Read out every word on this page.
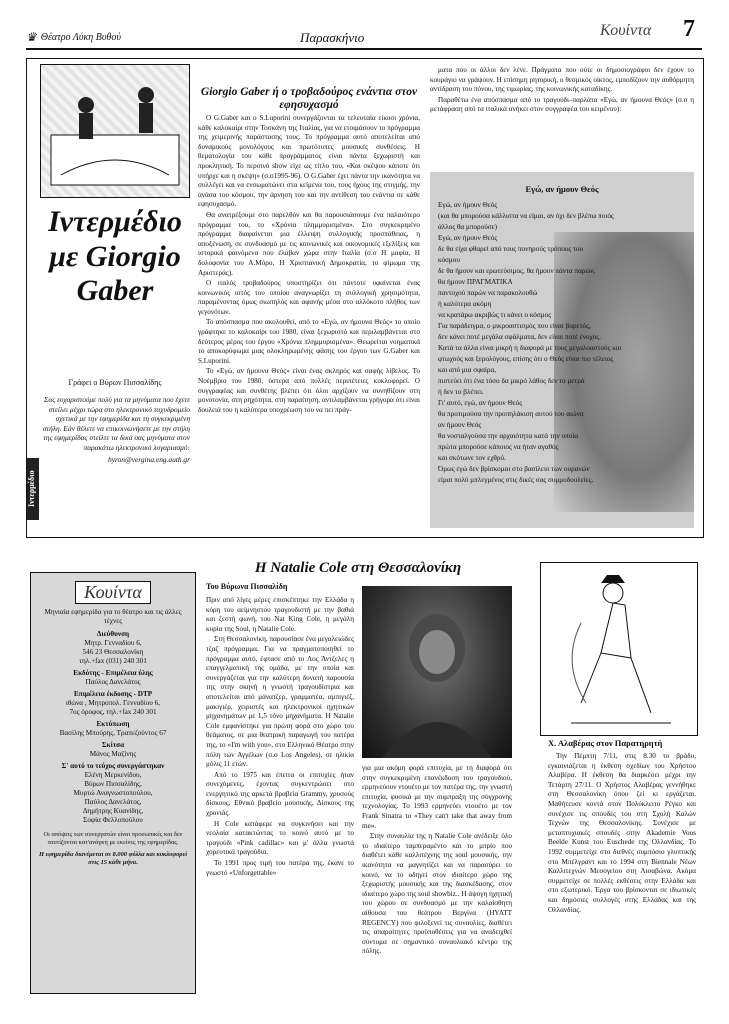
♛ Θέατρο Λύκη Βυθού	Παρασκήνιο	Κουίντα 7
Ιντερμέδιο με Giorgio Gaber
Γράφει ο Βύρων Πισσαλίδης
Σας ευχαριστούμε πολύ για τα μηνύματα που έχετε στείλει μέχρι τώρα στο ηλεκτρονικό ταχυδρομείο σχετικά με την εφημερίδα και τη συγκεκριμένη στήλη. Εάν θέλετε να επικοινωνήσετε με την στήλη της εφημερίδας στείλτε τα δικά σας μηνύματα στον παρακάτω ηλεκτρονικό λογαριασμό:
byron@vergina.eng.auth.gr
Ιντερμέδιο
Giorgio Gaber ή ο τροβαδούρος ενάντια στον εφησυχασμό

Ο G.Gaber και ο S.Luporini συνεργάζονται τα τελευταία είκοσι χρόνια, κάθε καλοκαίρι στην Τοσκάνη της Ιταλίας, για να ετοιμάσουν το πρόγραμμα της χειμερινής παράστασης τους. Το πρόγραμμα αυτό αποτελείται από δυναμικούς μονολόγους και πρωτότυπες μουσικές συνθέσεις. Η θεματολογία του κάθε προγράμματος είναι πάντα ξεχωριστή και προκλητική. Το περσινό show είχε ως τίτλο του, «Και σκέψου κάποτε ότι υπήρχε και η σκέψη» (σ.σ1995-96). Ο G.Gaber έχει πάντα την ικανότητα να συλλέγει και να ενσωματώνει στα κείμενα του, τους ήχους της στιγμής, την ανάσα του κόσμου, την άρνηση του και την αντίθεση του ενάντια σε κάθε εφησυχασμό.

Θα ανατρέξουμε στο παρελθόν και θα παρουσιάσουμε ένα παλαιότερο πρόγραμμα του, το «Χρόνια πλημμυρισμένα». Στο συγκεκριμένο πρόγραμμα διαφαίνεται μια έλλειψη συλλογικής προσπάθειας, η αποξένωση, σε συνδυασμό με τις κοινωνικές και οικονομικές εξελίξεις και ιστορικά φαινόμενα που έλαβαν χώρα στην Ιταλία (σ.σ Η μαφία, Η δολοφονία του Α.Μόρο, Η Χριστιανική Δημοκρατία, το φίμωμα της Αριστεράς).

Ο ιταλός τροβαδούρος υποστηρίζει ότι πάντοτε υφαίνεται ένας κοινωνικός ιστός του οποίου αναγνωρίζει τη συλλογική χρησιμότητα, παραμένοντας όμως σιωπηλός και αφανής μέσα στο αλλόκοτο πλήθος των γεγονότων.

Το απόσπασμα που ακολουθεί, από το «Εγώ, αν ήμουνα Θεός» το οποίο γράφτηκε το καλοκαίρι του 1980, είναι ξεχωριστό και περιλαμβάνεται στο δεύτερος μέρος του έργου «Χρόνια πλημμυρισμένα». Θεωρείται νοηματικά το αποκορύφωμα μιας ολοκληρωμένης φάσης του έργου των G.Gaber και S.Luporini.

Το «Εγώ, αν ήμουνα Θεός» είναι ένας σκληρός και σαφής λίβελος. Το Νοέμβριο του 1980, ύστερα από πολλές περιπέτειες κυκλοφορεί. Ο συγγραφέας και συνθέτης βλέπει ότι όλοι αρχίζουν να συνηθίζουν στη μονοτονία, στη ρηχότητα, στη παραίτηση, αντιλαμβάνεται γρήγορα ότι είναι δουλειά του η καλύτερα υποχρέωση του να πει πράγ-

ματα που οι άλλοι δεν λένε. Πράγματα που ούτε οι δημοσιογράφοι δεν έχουν το κουράγιο να γράψουν. Η επίσημη ρητορική, ο θεσμικός οίκτος, εμποδίζουν την αυθόρμητη αντίδραση του πόνου, της τιμωρίας, της κοινωνικής καταδίκης.

Παραθέτω ένα απόσπασμα από το τραγούδι–παρλάτα «Εγώ, αν ήμουνα Θεός» (σ.σ η μετάφραση από τα ιταλικά ανήκει στον συγγραφέα του κειμένου):

Εγώ, αν ήμουν Θεός
Εγώ, αν ήμουν Θεός
(και θα μπορούσα κάλλιστα να είμαι, αν όχι δεν βλέπω ποιός
άλλος θα μπορούσε)
Εγώ, αν ήμουν Θεός
δε θα είχα φθαρεί από τους πονηρούς τρόπους του
κόσμου
δε θα ήμουν και ερωτεύσιμος, θα ήμουν πάντα παρών,
θα ήμουν ΠΡΑΓΜΑΤΙΚΑ
παντοχού παρών να παρακολουθώ
ή καλύτερα ακόμη
να κρατάρω ακριβώς τι κάνει ο κόσμος
Για παράδειγμα, ο μικροαστισμός που είναι βαρετός,
δεν κάνει ποτέ μεγάλα σφάλματα, δεν είναι ποτέ ένοχος.
Κατά τα άλλα είναι μικρή η διαφορά με τους μεγαλοαστούς και
φτωχούς και ξερολόγους, επίσης ότι ο Θεός είναι πιο τέλειος
και από μια σφαίρα,
πιστεύει ότι ένα τόσο δα μικρό λάθος δεν το μετρά
ή δεν το βλέπει.
Γι' αυτό, εγώ, αν ήμουν Θεός
θα προτιμούσα την προπηλάκιση αυτού του αιώνα
αν ήμουν Θεός
θα νοσταλγούσα την αρχαιότητα κατά την οποία
πρώτα μπορούσε κάποιος να ήταν αγαθός
και σκότωνε τον εχθρό.
Όμως εγώ δεν βρίσκομαι στο βασίλειο των ουρανών
είμαι πολύ μπλεγμένος στις δικές σας συμμοδουλείες.
Η Natalie Cole στη Θεσσαλονίκη
Κουίντα
Μηνιαία εφημερίδα για το θέατρο και τις άλλες τέχνες
Διεύθυνση
Μητρ. Γενναδίου 6,
546 23 Θεσσαλονίκη
τηλ.+fax (031) 240 301
Εκδότης - Επιμέλεια ύλης
Παύλος Δανελάτος
Επιμέλεια έκδοσης - DTP
ιθώνα , Μητροπολ. Γενναδίου 6,
7ος όροφος, τηλ.+fax 240 301
Εκτύπωση
Βασίλης Μπούρης, Τραπεζούντος 67
Σκίτσα
Μάνος Μαζίνης
Σ' αυτό το τεύχος συνεργάστηκαν
Ελένη Μερκενίδου,
Βύρων Πισσαλίδης,
Μυρτώ Αναγνωστοπούλου,
Παύλος Δανελάτος,
Δημήτρης Κυανίδης,
Σοφία Φελλοπούλου
Οι απόψεις των συνεργατών είναι προσωπικές και δεν ταυτίζονται κατ'ανάγκη με εκείνες της εφημερίδας.
Η εφημερίδα διανέμεται σε 8.000 φύλλα και κυκλοφορεί στις 15 κάθε μήνα.
Του Βύρωνα Πισσαλίδη

Πριν από λίγες μέρες επισκέπτηκε την Ελλάδα η κόρη του αείμνηστου τραγουδιστή με την βαθιά και ζεστή φωνή, του Nat King Cole, η μεγάλη κυρία της Soul, η Natalie Cole.

Στη Θεσσαλονίκη, παρουσίασε ένα μεγαλειώδες τζαζ πρόγραμμα. Για να πραγματοποιηθεί το πρόγραμμα αυτό, έφτασε από το Λος Άντζελες η επαγγελματική της ομάδα, με την οποία και συνεργάζεται για την καλύτερη δυνατή παρουσία της στην σκηνή η γνωστή τραγουδίστρια και αποτελείται από μάνατζερ, γραμματέα, αμπιγιέζ, μακιγιέρ, χειριστές και ηλεκτρονικοί ηχητικών μηχανημάτων με 1,5 τόνο μηχανήματα. Η Natalie Cole εμφανίστηκε για πρώτη φορά στο χώρο του θεάματος, σε μια θεατρική παραγωγή του πατέρα της, το «I'm with you», στο Ελληνικό Θέατρο στην πόλη των Αγγέλων (σ.σ Los Angeles), σε ηλικία μόλις 11 ετών.

Από το 1975 και έπειτα οι επιτυχίες ήταν συνεχόμενες, έχοντας συγκεντρώσει στο ενεργητικό της αρκετά βραβεία Grammy, χρυσούς δίσκους, Εθνικό βραβείο μουσικής, Δίσκους της χρονιάς.

Η Cole κατάφερε να συγκινήσει και την νεολαία κατακτώντας το κοινό αυτό με το τραγούδι «Pink cadillac» και μ' άλλα γνωστά χορευτικά τραγούδια.

Το 1991 προς τιμή του πατέρα της, έκανε το γνωστό «Unforgettable»

για μια ακόμη φορά επιτυχία, με τη διαφορά ότι στην συγκεκριμένη επανέκδοση του τραγουδιού, ερμηνεύουν ντουέτο με τον πατέρα της, την γνωστή επιτυχία, φυσικά με την συμπραξη της σύγχρονης τεχνολογίας. Το 1993 ερμηνεύει ντουέτο με τον Frank Sinatra το «They can't take that away from me».

Στην συναυλία της η Natalie Cole ανέδειξε όλο το ιδιαίτερο ταμπεραμέντο και το μπρίο που διαθέτει κάθε καλλιτέχνης της soul μουσικής, την ικανότητα να μαγνητίζει και να παρασύρει το κοινό, να το οδηγεί στον ιδιαίτερο χώρο της ξεχωριστής μουσικής και της διασκέδασης, στον ιδιαίτερο χώρο της soul showbiz.. Η άψογη ηχητική του χώρου σε συνδυασμό με την καλαίσθητη αίθουσα του θεάτρου Βεργίνα (HYATT REGENCY) που φιλοξενεί τις συναυλίες, διαθέτει τις απαραίτητες προϋποθέσεις για να αναδειχθεί σύντομα σε σημαντικό συναυλιακό κέντρο της πόλης.

Χ. Αλαβέρας στον Παρατηρητή

Την Πέμπτη 7/11, στις 8.30 το βράδυ, εγκαινιάζεται η έκθεση σχεδίων του Χρήστου Αλαβέρα. Η έκθεση θα διαρκέσει μέχρι την Τετάρτη 27/11. Ο Χρήστος Αλαβέρας γεννήθηκε στη Θεσσαλονίκη όπου ζεί κι εργάζεται. Μαθήτευσε κοντά στον Πολύκλειτο Ρέγκο και συνέχισε τις σπουδές του στη Σχολή Καλών Τεχνών της Θεσσαλονίκης. Συνέχισε με μεταπτυχιακές σπουδές στην Akademie Voos Beelde Kunst του Euschede της Ολλανδίας. Το 1992 συμμετείχε στο διεθνές συμπόσιο γλυπτικής στο Μπέλγραντ και το 1994 στη Biennale Νέων Καλλιτεχνών Μεσογείου στη Λισαβώνα. Ακόμα συμμετείχε σε πολλές εκθέσεις στην Ελλάδα και στο εξωτερικό. Έργα του βρίσκονται σε ιδιωτικές και δημόσιες συλλογές στης Ελλάδας και της Ολλανδίας.
